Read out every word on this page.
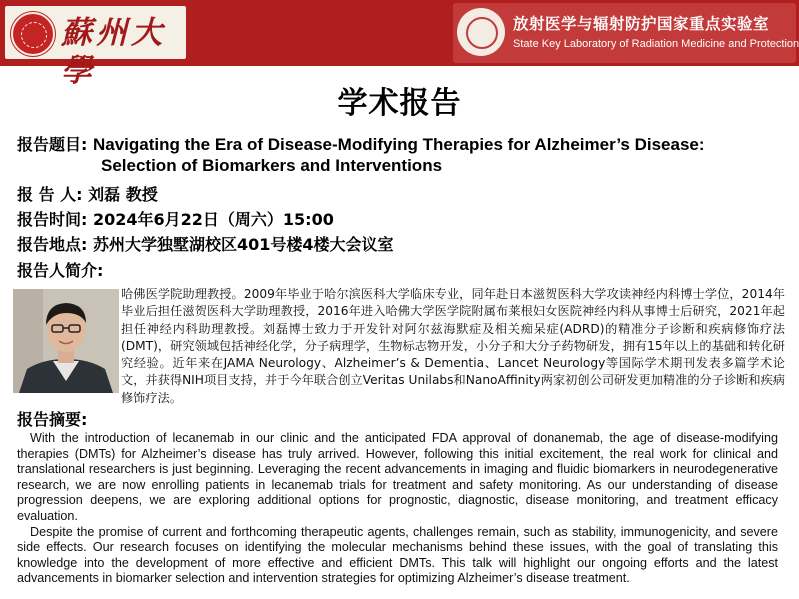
蘇州大學
放射医学与辐射防护国家重点实验室
State Key Laboratory of Radiation Medicine and Protection
学术报告
报告题目: Navigating the Era of Disease-Modifying Therapies for Alzheimer’s Disease:
Selection of Biomarkers and Interventions
报 告 人: 刘磊 教授
报告时间: 2024年6月22日（周六）15:00
报告地点: 苏州大学独墅湖校区401号楼4楼大会议室
报告人简介:
哈佛医学院助理教授。2009年毕业于哈尔滨医科大学临床专业，同年赴日本滋贺医科大学攻读神经内科博士学位，2014年毕业后担任滋贺医科大学助理教授，2016年进入哈佛大学医学院附属布莱根妇女医院神经内科从事博士后研究，2021年起担任神经内科助理教授。刘磊博士致力于开发针对阿尔兹海默症及相关痴呆症(ADRD)的精准分子诊断和疾病修饰疗法(DMT)，研究领域包括神经化学，分子病理学，生物标志物开发，小分子和大分子药物研发，拥有15年以上的基础和转化研究经验。近年来在JAMA Neurology、Alzheimer’s & Dementia、Lancet Neurology等国际学术期刊发表多篇学术论文，并获得NIH项目支持，并于今年联合创立Veritas Unilabs和NanoAffinity两家初创公司研发更加精准的分子诊断和疾病修饰疗法。
报告摘要:

With the introduction of lecanemab in our clinic and the anticipated FDA approval of donanemab, the age of disease-modifying therapies (DMTs) for Alzheimer’s disease has truly arrived. However, following this initial excitement, the real work for clinical and translational researchers is just beginning. Leveraging the recent advancements in imaging and fluidic biomarkers in neurodegenerative research, we are now enrolling patients in lecanemab trials for treatment and safety monitoring. As our understanding of disease progression deepens, we are exploring additional options for prognostic, diagnostic, disease monitoring, and treatment efficacy evaluation.

Despite the promise of current and forthcoming therapeutic agents, challenges remain, such as stability, immunogenicity, and severe side effects. Our research focuses on identifying the molecular mechanisms behind these issues, with the goal of translating this knowledge into the development of more effective and efficient DMTs. This talk will highlight our ongoing efforts and the latest advancements in biomarker selection and intervention strategies for optimizing Alzheimer’s disease treatment.
